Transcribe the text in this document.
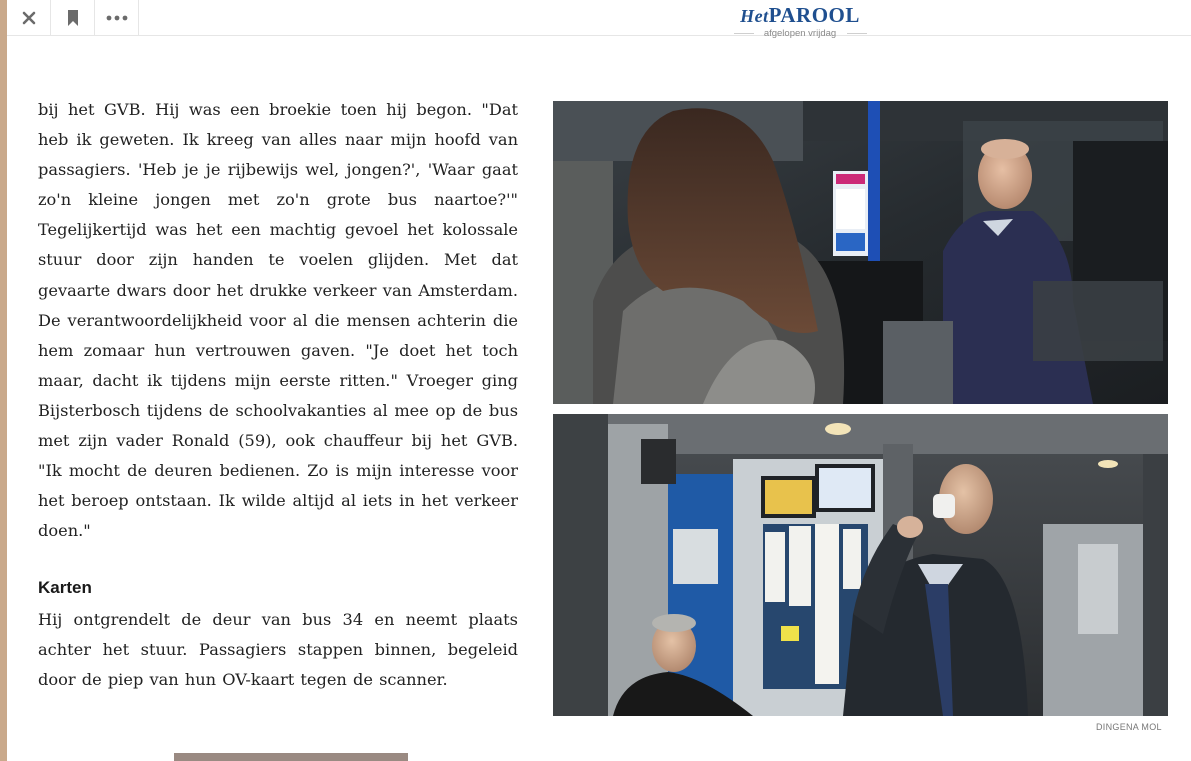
HetPAROOL
afgelopen vrijdag

bij het GVB. Hij was een broekie toen hij begon. "Dat heb ik geweten. Ik kreeg van alles naar mijn hoofd van passagiers. 'Heb je je rijbewijs wel, jongen?', 'Waar gaat zo'n kleine jongen met zo'n grote bus naartoe?'" Tegelijkertijd was het een machtig gevoel het kolossale stuur door zijn handen te voelen glijden. Met dat gevaarte dwars door het drukke verkeer van Amsterdam. De verantwoordelijkheid voor al die mensen achterin die hem zomaar hun vertrouwen gaven. "Je doet het toch maar, dacht ik tijdens mijn eerste ritten." Vroeger ging Bijsterbosch tijdens de schoolvakanties al mee op de bus met zijn vader Ronald (59), ook chauffeur bij het GVB. "Ik mocht de deuren bedienen. Zo is mijn interesse voor het beroep ontstaan. Ik wilde altijd al iets in het verkeer doen."

Karten

Hij ontgrendelt de deur van bus 34 en neemt plaats achter het stuur. Passagiers stappen binnen, begeleid door de piep van hun OV-kaart tegen de scanner.

DINGENA MOL
